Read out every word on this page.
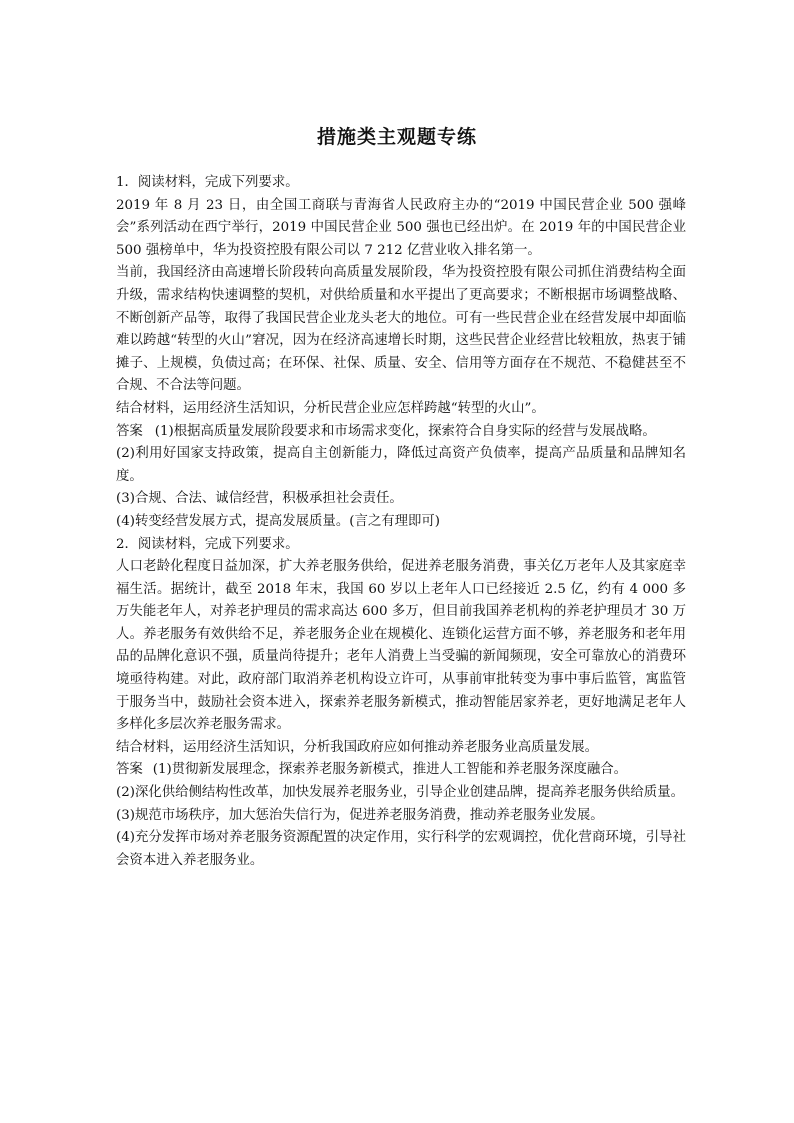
措施类主观题专练

1．阅读材料，完成下列要求。

2019 年 8 月 23 日，由全国工商联与青海省人民政府主办的“2019 中国民营企业 500 强峰会”系列活动在西宁举行，2019 中国民营企业 500 强也已经出炉。在 2019 年的中国民营企业 500 强榜单中，华为投资控股有限公司以 7 212 亿营业收入排名第一。

当前，我国经济由高速增长阶段转向高质量发展阶段，华为投资控股有限公司抓住消费结构全面升级，需求结构快速调整的契机，对供给质量和水平提出了更高要求；不断根据市场调整战略、不断创新产品等，取得了我国民营企业龙头老大的地位。可有一些民营企业在经营发展中却面临难以跨越“转型的火山”窘况，因为在经济高速增长时期，这些民营企业经营比较粗放，热衷于铺摊子、上规模，负债过高；在环保、社保、质量、安全、信用等方面存在不规范、不稳健甚至不合规、不合法等问题。

结合材料，运用经济生活知识，分析民营企业应怎样跨越“转型的火山”。

答案 (1)根据高质量发展阶段要求和市场需求变化，探索符合自身实际的经营与发展战略。

(2)利用好国家支持政策，提高自主创新能力，降低过高资产负债率，提高产品质量和品牌知名度。

(3)合规、合法、诚信经营，积极承担社会责任。

(4)转变经营发展方式，提高发展质量。(言之有理即可)

2．阅读材料，完成下列要求。

人口老龄化程度日益加深，扩大养老服务供给，促进养老服务消费，事关亿万老年人及其家庭幸福生活。据统计，截至 2018 年末，我国 60 岁以上老年人口已经接近 2.5 亿，约有 4 000 多万失能老年人，对养老护理员的需求高达 600 多万，但目前我国养老机构的养老护理员才 30 万人。养老服务有效供给不足，养老服务企业在规模化、连锁化运营方面不够，养老服务和老年用品的品牌化意识不强，质量尚待提升；老年人消费上当受骗的新闻频现，安全可靠放心的消费环境亟待构建。对此，政府部门取消养老机构设立许可，从事前审批转变为事中事后监管，寓监管于服务当中，鼓励社会资本进入，探索养老服务新模式，推动智能居家养老，更好地满足老年人多样化多层次养老服务需求。

结合材料，运用经济生活知识，分析我国政府应如何推动养老服务业高质量发展。

答案 (1)贯彻新发展理念，探索养老服务新模式，推进人工智能和养老服务深度融合。

(2)深化供给侧结构性改革，加快发展养老服务业，引导企业创建品牌，提高养老服务供给质量。

(3)规范市场秩序，加大惩治失信行为，促进养老服务消费，推动养老服务业发展。

(4)充分发挥市场对养老服务资源配置的决定作用，实行科学的宏观调控，优化营商环境，引导社会资本进入养老服务业。
